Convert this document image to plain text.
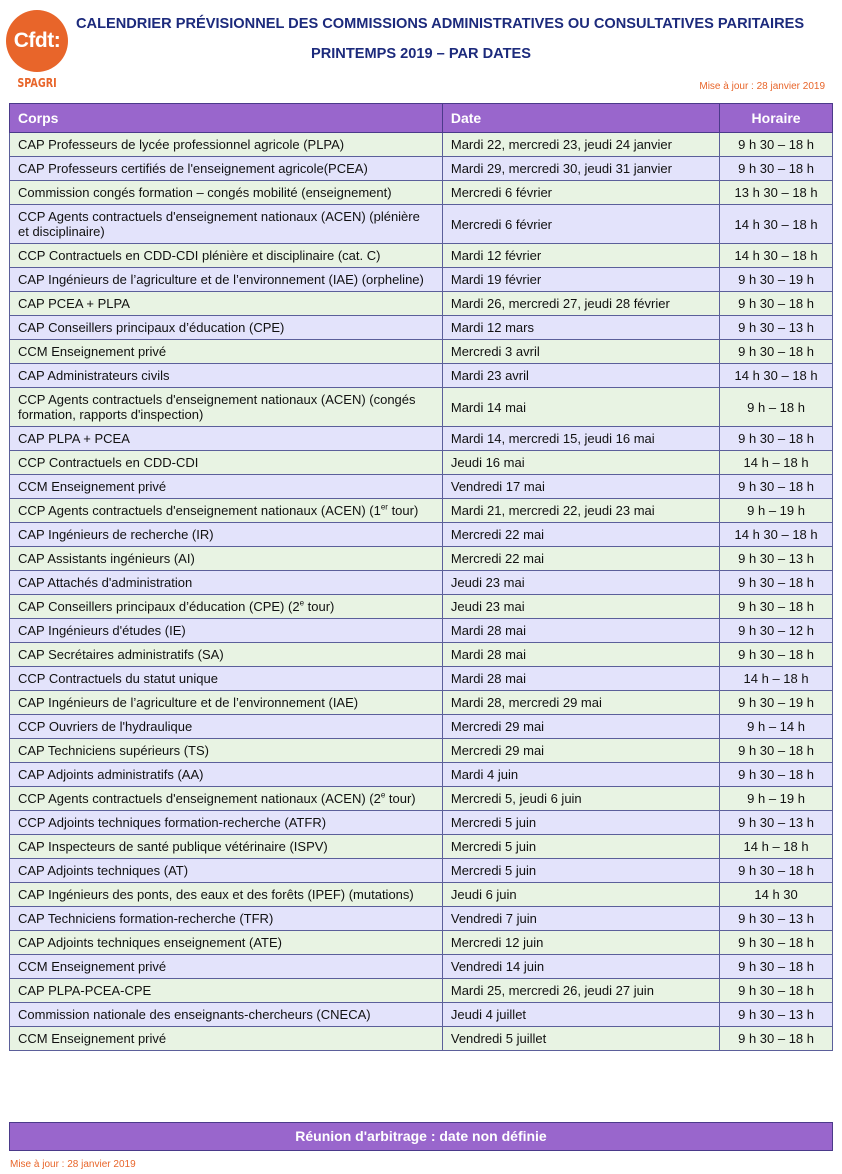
Cfdt:
SPAGRI
CALENDRIER PRÉVISIONNEL DES COMMISSIONS ADMINISTRATIVES OU CONSULTATIVES PARITAIRES
PRINTEMPS 2019 – PAR DATES
Mise à jour : 28 janvier 2019
Corps	Date	Horaire
CAP Professeurs de lycée professionnel agricole (PLPA)	Mardi 22, mercredi 23, jeudi 24 janvier	9 h 30 – 18 h
CAP Professeurs certifiés de l'enseignement agricole(PCEA)	Mardi 29, mercredi 30, jeudi 31 janvier	9 h 30 – 18 h
Commission congés formation – congés mobilité (enseignement)	Mercredi 6 février	13 h 30 – 18 h
CCP Agents contractuels d'enseignement nationaux (ACEN) (plénière et disciplinaire)	Mercredi 6 février	14 h 30 – 18 h
CCP Contractuels en CDD-CDI plénière et disciplinaire (cat. C)	Mardi 12 février	14 h 30 – 18 h
CAP Ingénieurs de l’agriculture et de l’environnement (IAE) (orpheline)	Mardi 19 février	9 h 30 – 19 h
CAP PCEA + PLPA	Mardi 26, mercredi 27, jeudi 28 février	9 h 30 – 18 h
CAP Conseillers principaux d’éducation (CPE)	Mardi 12 mars	9 h 30 – 13 h
CCM Enseignement privé	Mercredi 3 avril	9 h 30 – 18 h
CAP Administrateurs civils	Mardi 23 avril	14 h 30 – 18 h
CCP Agents contractuels d'enseignement nationaux (ACEN) (congés formation, rapports d'inspection)	Mardi 14 mai	9 h – 18 h
CAP PLPA + PCEA	Mardi 14, mercredi 15, jeudi 16 mai	9 h 30 – 18 h
CCP Contractuels en CDD-CDI	Jeudi 16 mai	14 h – 18 h
CCM Enseignement privé	Vendredi 17 mai	9 h 30 – 18 h
CCP Agents contractuels d'enseignement nationaux (ACEN) (1er tour)	Mardi 21, mercredi 22, jeudi 23 mai	9 h – 19 h
CAP Ingénieurs de recherche (IR)	Mercredi 22 mai	14 h 30 – 18 h
CAP Assistants ingénieurs (AI)	Mercredi 22 mai	9 h 30 – 13 h
CAP Attachés d'administration	Jeudi 23 mai	9 h 30 – 18 h
CAP Conseillers principaux d’éducation (CPE) (2e tour)	Jeudi 23 mai	9 h 30 – 18 h
CAP Ingénieurs d'études (IE)	Mardi 28 mai	9 h 30 – 12 h
CAP Secrétaires administratifs (SA)	Mardi 28 mai	9 h 30 – 18 h
CCP Contractuels du statut unique	Mardi 28 mai	14 h – 18 h
CAP Ingénieurs de l’agriculture et de l’environnement (IAE)	Mardi 28, mercredi 29 mai	9 h 30 – 19 h
CCP Ouvriers de l'hydraulique	Mercredi 29 mai	9 h – 14 h
CAP Techniciens supérieurs (TS)	Mercredi 29 mai	9 h 30 – 18 h
CAP Adjoints administratifs (AA)	Mardi 4 juin	9 h 30 – 18 h
CCP Agents contractuels d'enseignement nationaux (ACEN) (2e tour)	Mercredi 5, jeudi 6 juin	9 h – 19 h
CCP Adjoints techniques formation-recherche (ATFR)	Mercredi 5 juin	9 h 30 – 13 h
CAP Inspecteurs de santé publique vétérinaire (ISPV)	Mercredi 5 juin	14 h – 18 h
CAP Adjoints techniques (AT)	Mercredi 5 juin	9 h 30 – 18 h
CAP Ingénieurs des ponts, des eaux et des forêts (IPEF) (mutations)	Jeudi 6 juin	14 h 30
CAP Techniciens formation-recherche (TFR)	Vendredi 7 juin	9 h 30 – 13 h
CAP Adjoints techniques enseignement (ATE)	Mercredi 12 juin	9 h 30 – 18 h
CCM Enseignement privé	Vendredi 14 juin	9 h 30 – 18 h
CAP PLPA-PCEA-CPE	Mardi 25, mercredi 26, jeudi 27 juin	9 h 30 – 18 h
Commission nationale des enseignants-chercheurs (CNECA)	Jeudi 4 juillet	9 h 30 – 13 h
CCM Enseignement privé	Vendredi 5 juillet	9 h 30 – 18 h
Réunion d'arbitrage : date non définie
Mise à jour : 28 janvier 2019
